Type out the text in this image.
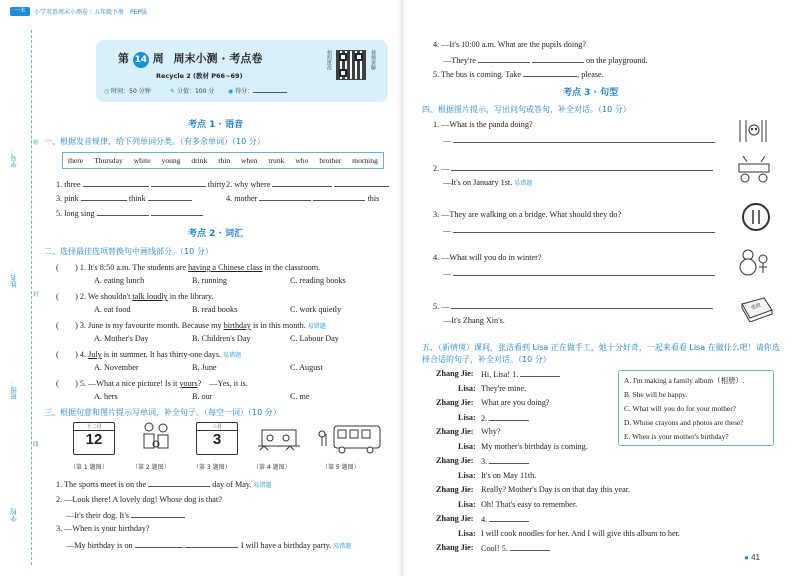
一本	小学英语周末小测卷｜五年级下册　PEP版
学号：
姓名：
班级：
学校：
密
封
线
第 14 周 周末小测 · 考点卷
Recycle 2 (教材 P66~69)
◷ 时间：50 分钟	✎ 分值：100 分 ◉ 得分：
拍照批改	视频讲解
考点 1 · 语音
一、根据发音规律，给下列单词分类。（有多余单词）（10 分）
there Thursday white young drink thin when trunk who brother morning
1. three	thirty 2. why where
3. pink	think	4. mother	this
5. long sing
考点 2 · 词汇
二、选择最佳选项替换句中画线部分。（10 分）
(　　) 1. It's 8:50 a.m. The students are having a Chinese class in the classroom.
A. eating lunch	B. running	C. reading books
(　　) 2. We shouldn't talk loudly in the library.
A. eat food	B. read books	C. work quietly
(　　) 3. June is my favourite month. Because my birthday is in this month. 易错题
A. Mother's Day	B. Children's Day	C. Labour Day
(　　) 4. July is in summer. It has thirty-one days. 易错题
A. November	B. June	C. August
(　　) 5. —What a nice picture! Is it yours?　—Yes, it is.
A. hers	B. our	C. me
三、根据句意和图片提示写单词，补全句子。（每空一词）（10 分）
十二月
12
三月
3
（第 1 题图）	（第 2 题图）	（第 3 题图）	（第 4 题图）	（第 5 题图）
1. The sports meet is on the	day of May. 易错题
2. —Look there! A lovely dog! Whose dog is that?
—It's their dog. It's
3. —When is your birthday?
—My birthday is on	. I will have a birthday party. 易错题
4. —It's 10:00 a.m. What are the pupils doing?
—They're	on the playground.
5. The bus is coming. Take	, please.
考点 3 · 句型
四、根据图片提示，写出问句或答句，补全对话。（10 分）
1. —What is the panda doing?
—
2. —
—It's on January 1st. 易错题
3. —They are walking on a bridge. What should they do?
—
4. —What will you do in winter?
—
5. —
—It's Zhang Xin's.
张欣
五、（新情境）课间，张洁看到 Lisa 正在做手工，她十分好奇，一起来看看 Lisa 在做什么吧！请你选择合适的句子，补全对话。（10 分）
Zhang Jie: Hi, Lisa! 1.
Lisa: They're mine.
Zhang Jie: What are you doing?
Lisa: 2.
Zhang Jie: Why?
Lisa: My mother's birthday is coming.
Zhang Jie: 3.
Lisa: It's on May 11th.
Zhang Jie: Really? Mother's Day is on that day this year.
Lisa: Oh! That's easy to remember.
Zhang Jie: 4.
Lisa: I will cook noodles for her. And I will give this album to her.
Zhang Jie: Cool! 5.
A. I'm making a family album（相册）.
B. She will be happy.
C. What will you do for your mother?
D. Whose crayons and photos are these?
E. When is your mother's birthday?
● 41
